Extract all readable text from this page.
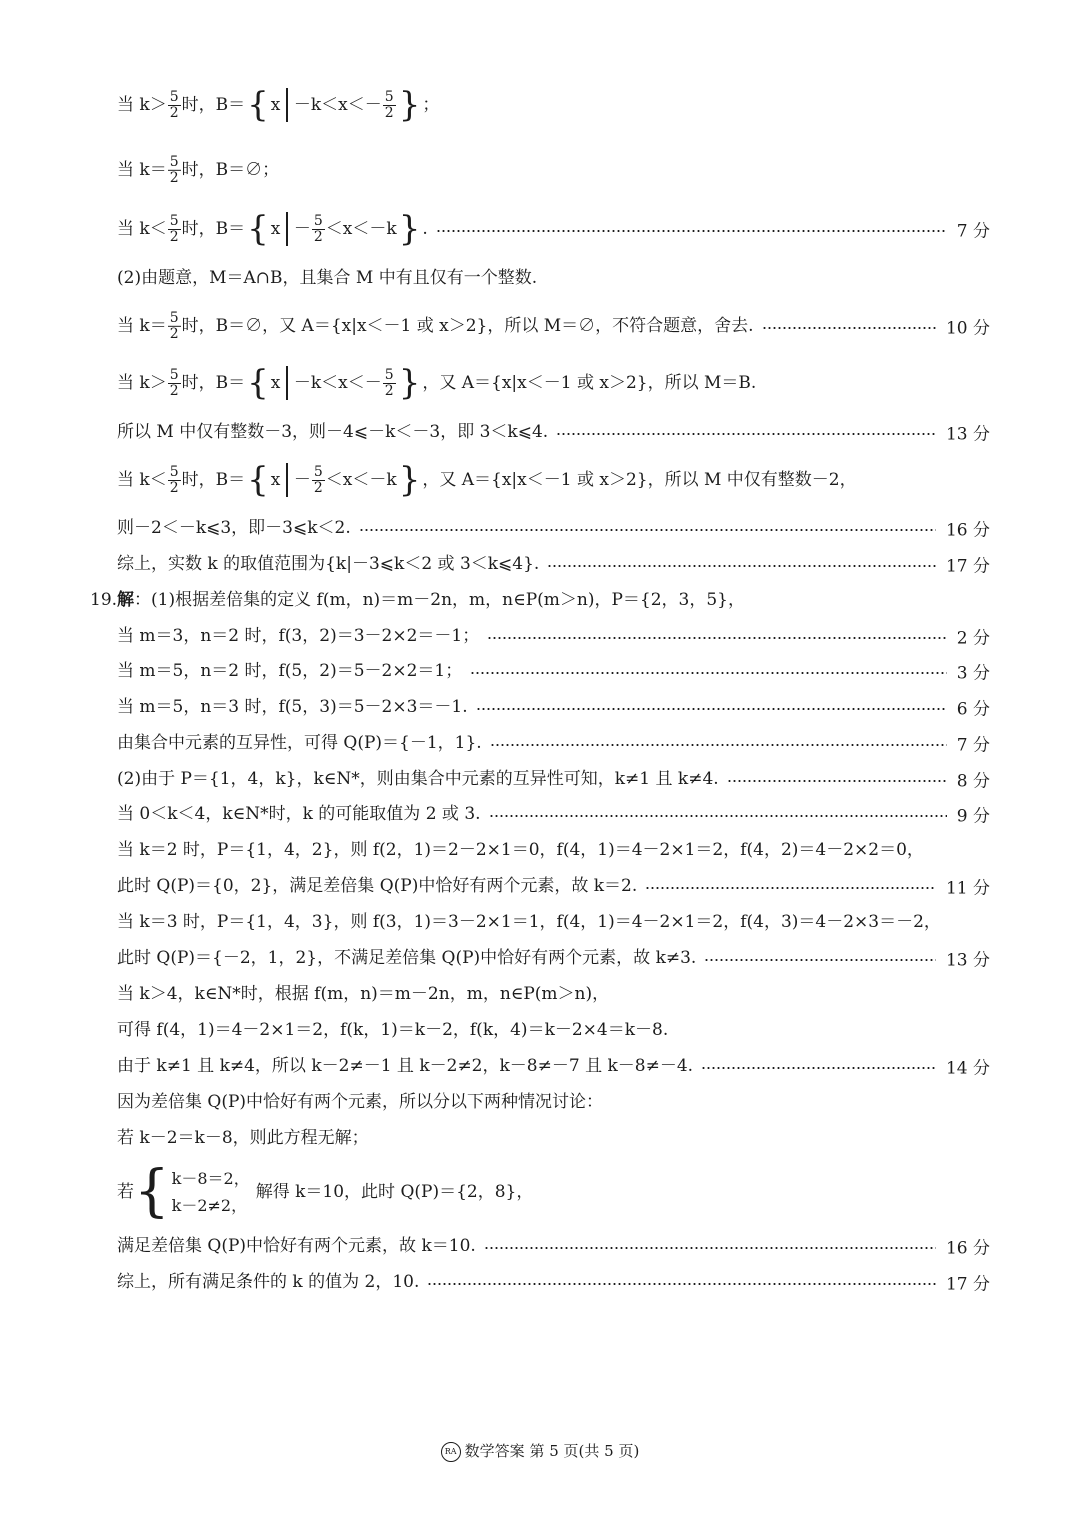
当 $k> \frac{5}{2}$ 时，B＝ { $x -k<x<- \frac{5}{2}$ } ；
当 $k= \frac{5}{2}$ 时，B＝∅；
当 $k< \frac{5}{2}$ 时，B＝ { $x - \frac{5}{2} <x<-k$ } .	7 分
(2)由题意，M＝A∩B，且集合 M 中有且仅有一个整数.
当 $k= \frac{5}{2}$ 时，B＝∅，又 A＝{x|x＜－1 或 x＞2}，所以 M＝∅，不符合题意，舍去.	10 分
当 $k> \frac{5}{2}$ 时，B＝ { $x -k<x<- \frac{5}{2}$ } ，又 A＝{x|x＜－1 或 x＞2}，所以 M＝B.
所以 M 中仅有整数－3，则－4⩽－k＜－3，即 3＜k⩽4.	13 分
当 $k< \frac{5}{2}$ 时，B＝ { $x - \frac{5}{2} <x<-k$ } ，又 A＝{x|x＜－1 或 x＞2}，所以 M 中仅有整数－2，
则－2＜－k⩽3，即－3⩽k＜2.	16 分
综上，实数 k 的取值范围为{k|－3⩽k＜2 或 3＜k⩽4}.	17 分
19. 解 ：(1)根据差倍集的定义 f(m，n)＝m－2n，m，n∈P(m＞n)，P＝{2，3，5}，
当 m＝3，n＝2 时，f(3，2)＝3－2×2＝－1；	2 分
当 m＝5，n＝2 时，f(5，2)＝5－2×2＝1；	3 分
当 m＝5，n＝3 时，f(5，3)＝5－2×3＝－1.	6 分
由集合中元素的互异性，可得 Q(P)＝{－1，1}.	7 分
(2)由于 P＝{1，4，k}，k∈N*，则由集合中元素的互异性可知，k≠1 且 k≠4.	8 分
当 0＜k＜4，k∈N*时，k 的可能取值为 2 或 3.	9 分
当 k＝2 时，P＝{1，4，2}，则 f(2，1)＝2－2×1＝0，f(4，1)＝4－2×1＝2，f(4，2)＝4－2×2＝0，
此时 Q(P)＝{0，2}，满足差倍集 Q(P)中恰好有两个元素，故 k＝2.	11 分
当 k＝3 时，P＝{1，4，3}，则 f(3，1)＝3－2×1＝1，f(4，1)＝4－2×1＝2，f(4，3)＝4－2×3＝－2，
此时 Q(P)＝{－2，1，2}，不满足差倍集 Q(P)中恰好有两个元素，故 k≠3.	13 分
当 k＞4，k∈N*时，根据 f(m，n)＝m－2n，m，n∈P(m＞n)，
可得 f(4，1)＝4－2×1＝2，f(k，1)＝k－2，f(k，4)＝k－2×4＝k－8.
由于 k≠1 且 k≠4，所以 k－2≠－1 且 k－2≠2，k－8≠－7 且 k－8≠－4.	14 分
因为差倍集 Q(P)中恰好有两个元素，所以分以下两种情况讨论：
若 k－2＝k－8，则此方程无解；
若 { k－8＝2，
k－2≠2，
解得 k＝10，此时 Q(P)＝{2，8}，
满足差倍集 Q(P)中恰好有两个元素，故 k＝10.	16 分
综上，所有满足条件的 k 的值为 2，10.	17 分
RA 数学答案 第 5 页(共 5 页)
